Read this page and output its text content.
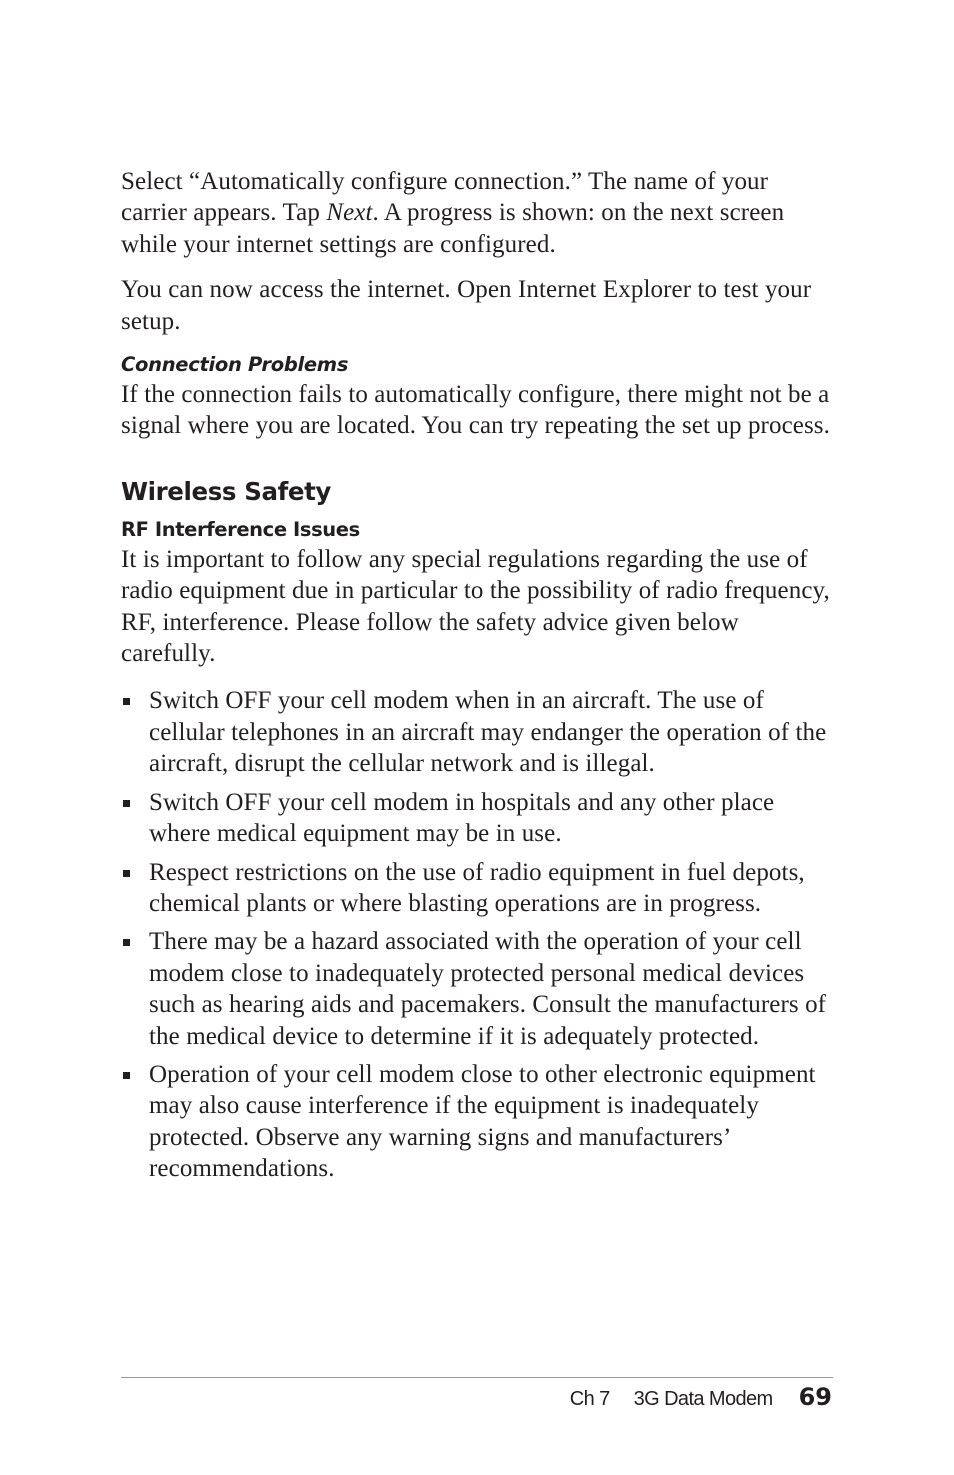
Select “Automatically configure connection.” The name of your carrier appears. Tap Next. A progress is shown: on the next screen while your internet settings are configured.

You can now access the internet. Open Internet Explorer to test your setup.

Connection Problems

If the connection fails to automatically configure, there might not be a signal where you are located. You can try repeating the set up process.

Wireless Safety
RF Interference Issues

It is important to follow any special regulations regarding the use of radio equipment due in particular to the possibility of radio frequency, RF, interference. Please follow the safety advice given below carefully.

Switch OFF your cell modem when in an aircraft. The use of cellular telephones in an aircraft may endanger the operation of the aircraft, disrupt the cellular network and is illegal.
Switch OFF your cell modem in hospitals and any other place where medical equipment may be in use.
Respect restrictions on the use of radio equipment in fuel depots, chemical plants or where blasting operations are in progress.
There may be a hazard associated with the operation of your cell modem close to inadequately protected personal medical devices such as hearing aids and pacemakers. Consult the manufacturers of the medical device to determine if it is adequately protected.
Operation of your cell modem close to other electronic equipment may also cause interference if the equipment is inadequately protected. Observe any warning signs and manufacturers’ recommendations.
Ch 7 3G Data Modem 69
